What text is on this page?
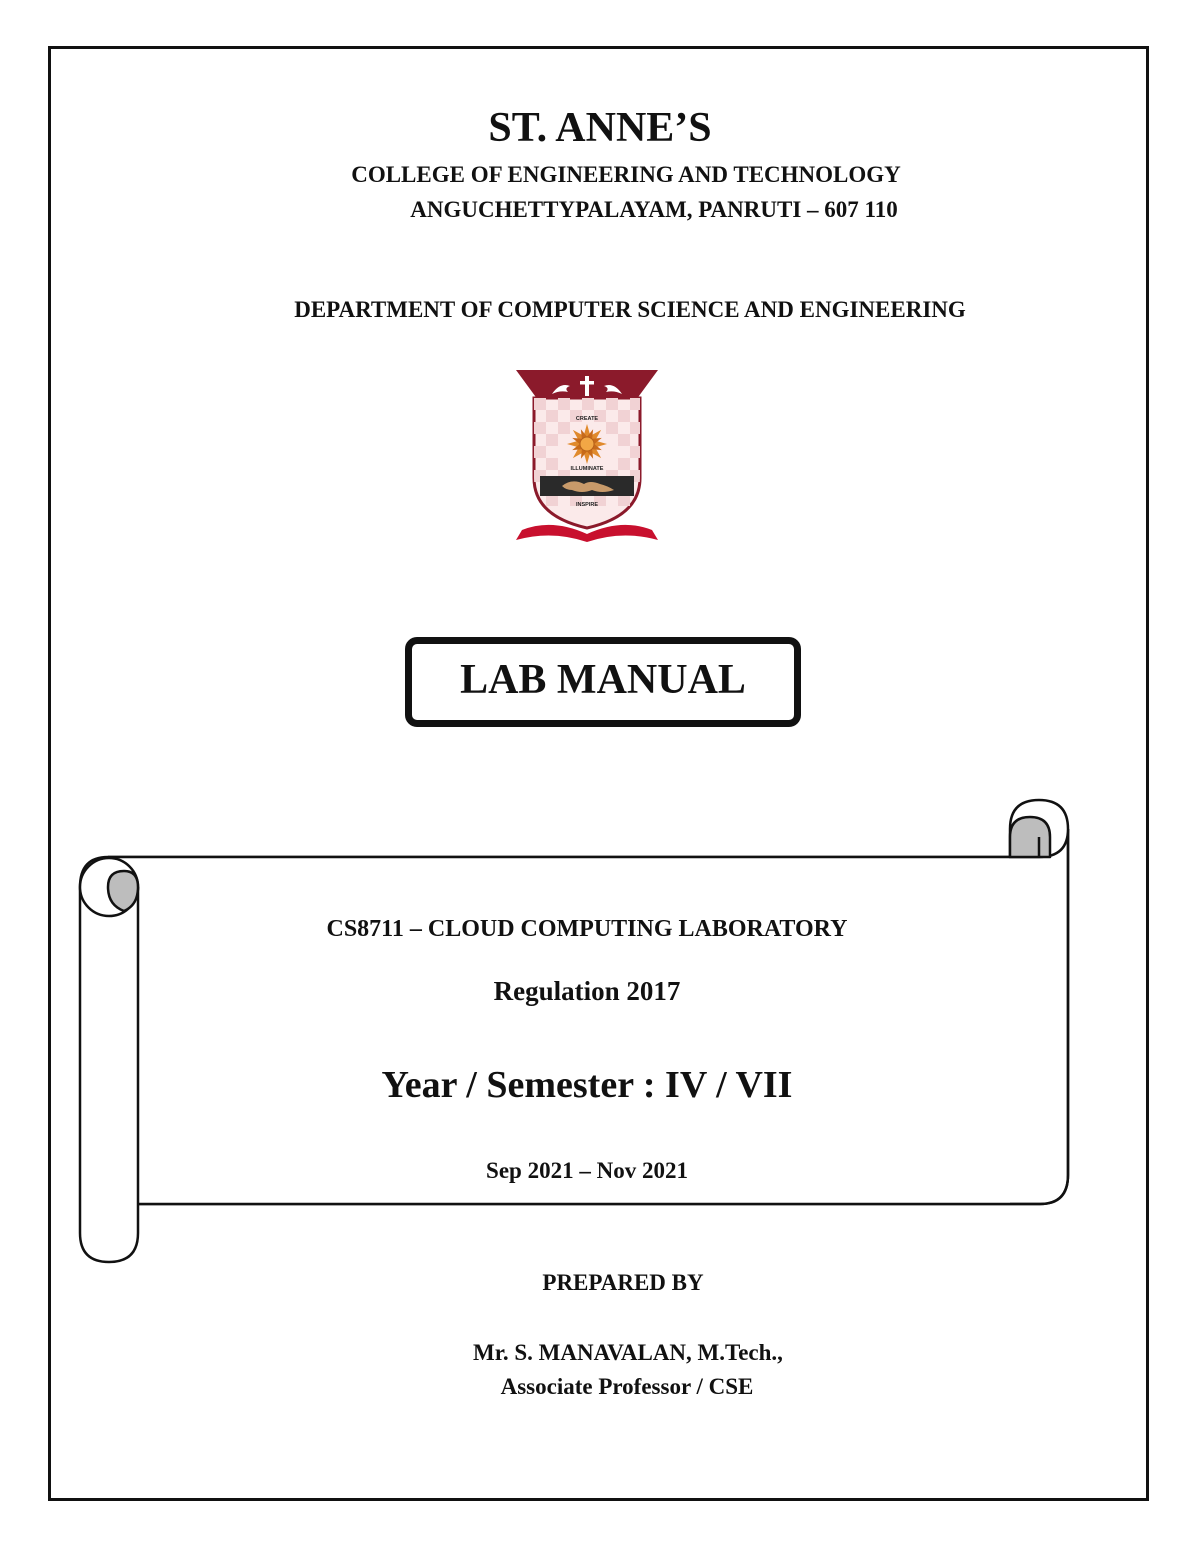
ST. ANNE’S
COLLEGE OF ENGINEERING AND TECHNOLOGY
ANGUCHETTYPALAYAM, PANRUTI – 607 110
DEPARTMENT OF COMPUTER SCIENCE AND ENGINEERING
CREATE
ILLUMINATE
INSPIRE
LAB MANUAL
CS8711 – CLOUD COMPUTING LABORATORY
Regulation 2017
Year / Semester : IV / VII
Sep 2021 – Nov 2021
PREPARED BY
Mr. S. MANAVALAN, M.Tech.,
Associate Professor / CSE
